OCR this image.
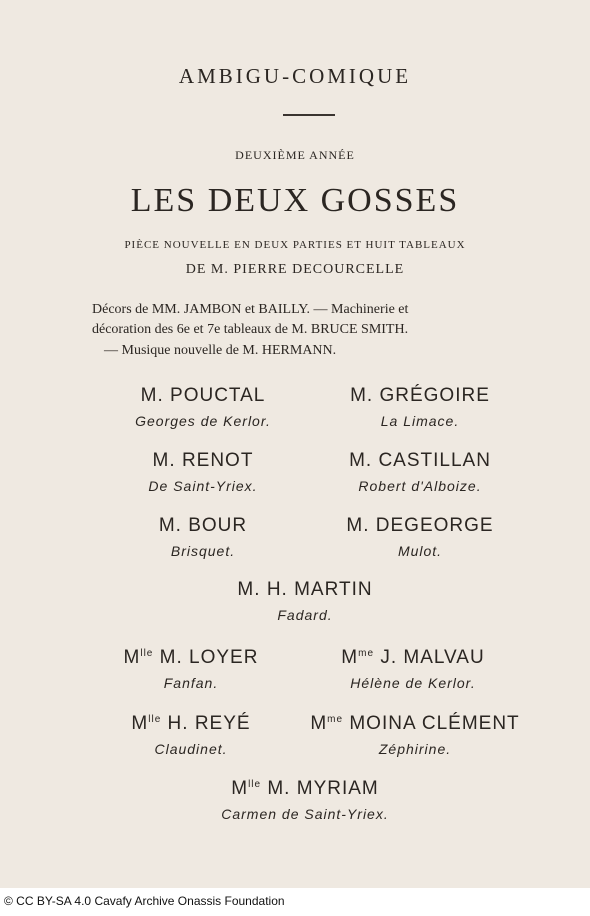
AMBIGU-COMIQUE
DEUXIÈME ANNÉE
LES DEUX GOSSES
PIÈCE NOUVELLE EN DEUX PARTIES ET HUIT TABLEAUX
DE M. PIERRE DECOURCELLE
Décors de MM. JAMBON et BAILLY. — Machinerie et
décoration des 6e et 7e tableaux de M. BRUCE SMITH.
— Musique nouvelle de M. HERMANN.
M. POUCTAL
Georges de Kerlor.
M. GRÉGOIRE
La Limace.
M. RENOT
De Saint-Yriex.
M. CASTILLAN
Robert d'Alboize.
M. BOUR
Brisquet.
M. DEGEORGE
Mulot.
M. H. MARTIN
Fadard.
$M^{lle}$ M. LOYER
Fanfan.
$M^{me}$ J. MALVAU
Hélène de Kerlor.
$M^{lle}$ H. REYÉ
Claudinet.
$M^{me}$ MOINA CLÉMENT
Zéphirine.
$M^{lle}$ M. MYRIAM
Carmen de Saint-Yriex.
© CC BY-SA 4.0 Cavafy Archive Onassis Foundation
